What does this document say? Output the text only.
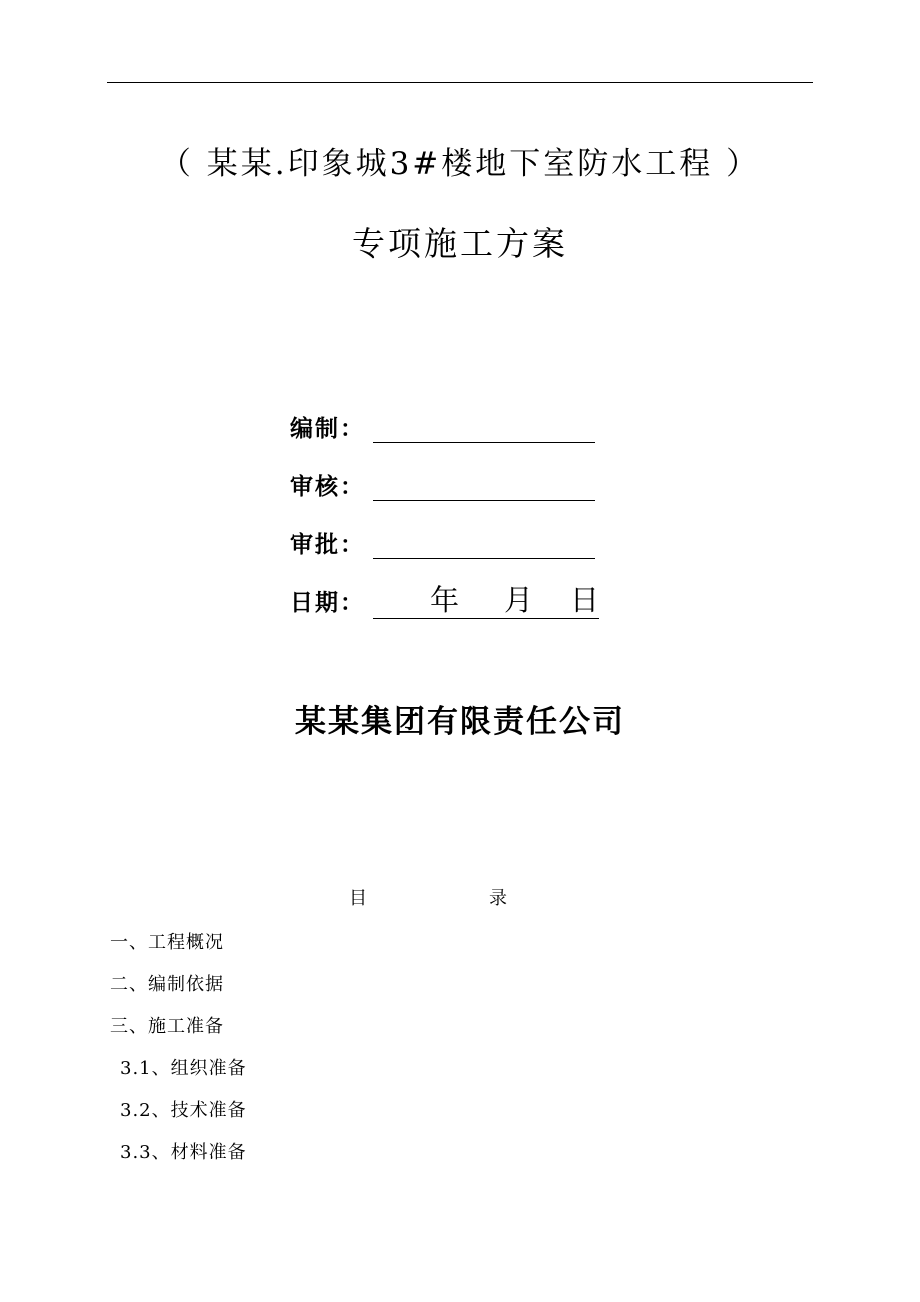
（ 某某.印象城3#楼地下室防水工程 ）
专项施工方案
编制：
审核：
审批：
日期： 年 月 日
某某集团有限责任公司
目	录
一、工程概况
二、编制依据
三、施工准备
3.1、组织准备
3.2、技术准备
3.3、材料准备
